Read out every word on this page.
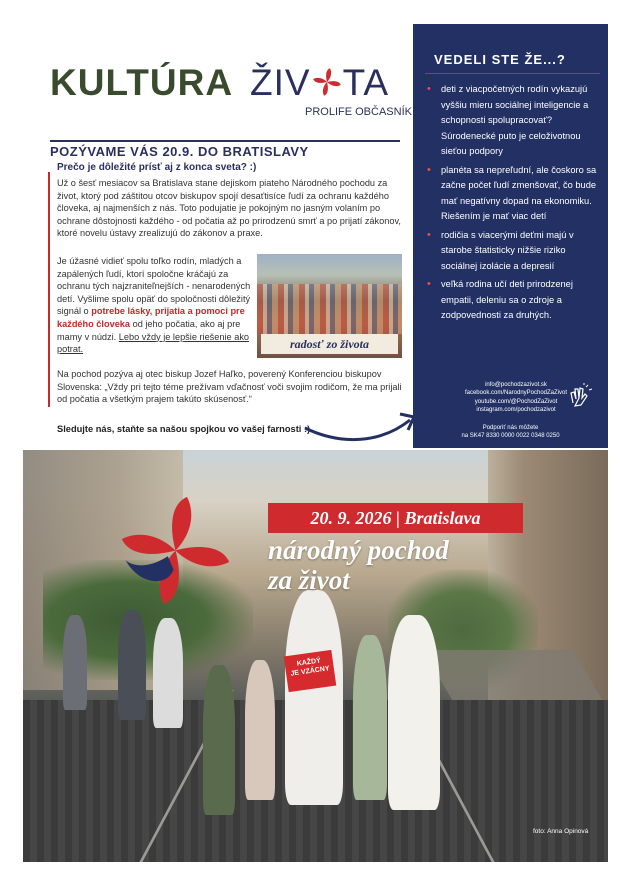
KULTÚRA ŽIV TA
PROLIFE OBČASNÍK
POZÝVAME VÁS 20.9. DO BRATISLAVY
Prečo je dôležité prísť aj z konca sveta? :)
Už o šesť mesiacov sa Bratislava stane dejiskom piateho Národného pochodu za život, ktorý pod záštitou otcov biskupov spojí desaťtisíce ľudí za ochranu každého človeka, aj najmenších z nás. Toto podujatie je pokojným no jasným volaním po ochrane dôstojnosti každého - od počatia až po prirodzenú smrť a po prijatí zákonov, ktoré novelu ústavy zrealizujú do zákonov a praxe.
Je úžasné vidieť spolu toľko rodín, mladých a zapálených ľudí, ktorí spoločne kráčajú za ochranu tých najzraniteľnejších - nenarodených detí. Vyšlime spolu opäť do spoločnosti dôležitý signál o potrebe lásky, prijatia a pomoci pre každého človeka od jeho počatia, ako aj pre mamy v núdzi. Lebo vždy je lepšie riešenie ako potrat.	radosť zo života
Na pochod pozýva aj otec biskup Jozef Haľko, poverený Konferenciou biskupov Slovenska: „Vždy pri tejto téme prežívam vďačnosť voči svojim rodičom, že ma prijali od počatia a všetkým prajem takúto skúsenosť.“
Sledujte nás, staňte sa našou spojkou vo vašej farnosti :)
VEDELI STE ŽE...?
• deti z viacpočetných rodín vykazujú vyššiu mieru sociálnej inteligencie a schopnosti spolupracovať? Súrodenecké puto je celoživotnou sieťou podpory
• planéta sa nepreľudní, ale čoskoro sa začne počet ľudí zmenšovať, čo bude mať negatívny dopad na ekonomiku. Riešením je mať viac detí
• rodičia s viacerými deťmi majú v starobe štatisticky nižšie riziko sociálnej izolácie a depresií
• veľká rodina učí deti prirodzenej empatii, deleniu sa o zdroje a zodpovednosti za druhých.
info@pochodzazivot.sk
facebook.com/NarodnyPochodZaZivot
youtube.com/@PochodZaZivot
instagram.com/pochodzazivot
Podporiť nás môžete
na SK47 8330 0000 0022 0348 0250
20. 9. 2026 | Bratislava
národný pochod
za život
KAŽDÝ
JE VZÁCNY
foto: Anna Opinová
